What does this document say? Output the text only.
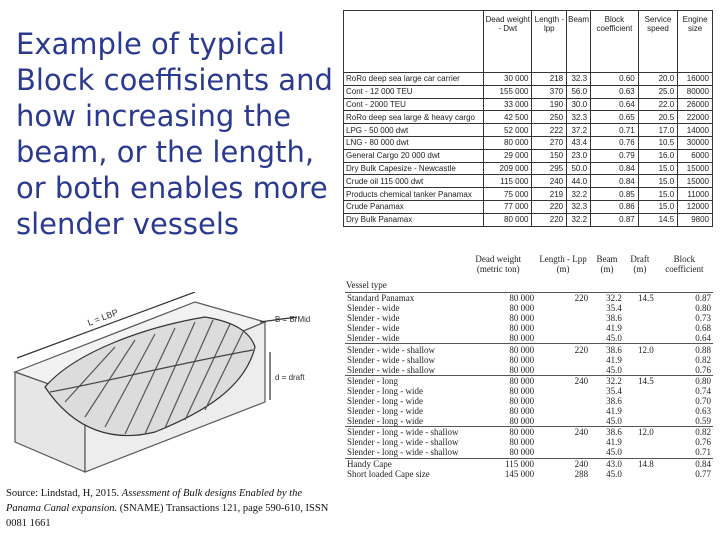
Example of typical Block coeffisients and how increasing the beam, or the length, or both enables more slender vessels
L = LBP	B = BrMid
d = draft
Source: Lindstad, H, 2015. Assessment of Bulk designs Enabled by the Panama Canal expansion. (SNAME) Transactions 121, page 590-610, ISSN 0081 1661
	Dead weight - Dwt	Length - lpp	Beam	Block coefficient	Service speed	Engine size
RoRo deep sea large car carrier	30 000	218	32.3	0.60	20.0	16000
Cont - 12 000 TEU	155 000	370	56.0	0.63	25.0	80000
Cont - 2000 TEU	33 000	190	30.0	0.64	22.0	26000
RoRo deep sea large & heavy cargo	42 500	250	32.3	0.65	20.5	22000
LPG - 50 000 dwt	52 000	222	37.2	0.71	17.0	14000
LNG - 80 000 dwt	80 000	270	43.4	0.76	10.5	30000
General Cargo 20 000 dwt	29 000	150	23.0	0.79	16.0	6000
Dry Bulk Capesize - Newcastle	209 000	295	50.0	0.84	15.0	15000
Crude oil 115 000 dwt	115 000	240	44.0	0.84	15.0	15000
Products chemical tanker Panamax	75 000	219	32.2	0.85	15.0	11000
Crude Panamax	77 000	220	32.3	0.86	15.0	12000
Dry Bulk Panamax	80 000	220	32.2	0.87	14.5	9800
Vessel type	Dead weight (metric ton)	Length - Lpp (m)	Beam (m)	Draft (m)	Block coefficient
Standard Panamax	80 000	220	32.2	14.5	0.87
Slender - wide	80 000		35.4		0.80
Slender - wide	80 000		38.6		0.73
Slender - wide	80 000		41.9		0.68
Slender - wide	80 000		45.0		0.64
Slender - wide - shallow	80 000	220	38.6	12.0	0.88
Slender - wide - shallow	80 000		41.9		0.82
Slender - wide - shallow	80 000		45.0		0.76
Slender - long	80 000	240	32.2	14.5	0.80
Slender - long - wide	80 000		35.4		0.74
Slender - long - wide	80 000		38.6		0.70
Slender - long - wide	80 000		41.9		0.63
Slender - long - wide	80 000		45.0		0.59
Slender - long - wide - shallow	80 000	240	38.6	12.0	0.82
Slender - long - wide - shallow	80 000		41.9		0.76
Slender - long - wide - shallow	80 000		45.0		0.71
Handy Cape	115 000	240	43.0	14.8	0.84
Short loaded Cape size	145 000	288	45.0		0.77
